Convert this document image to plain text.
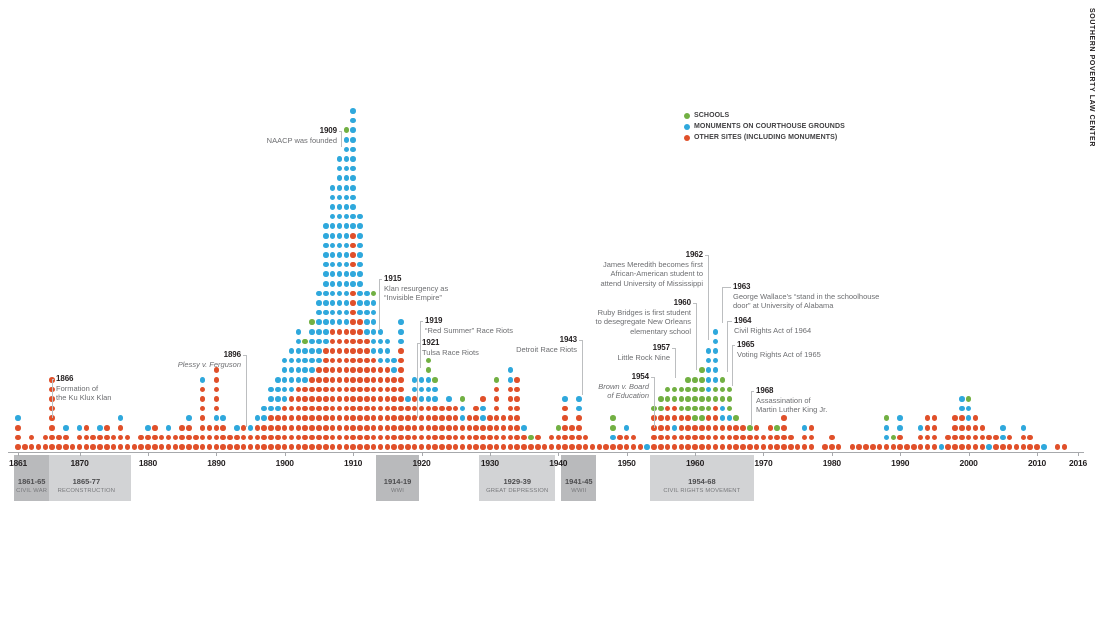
SCHOOLS
MONUMENTS ON COURTHOUSE GROUNDS
OTHER SITES (INCLUDING MONUMENTS)	SOUTHERN POVERTY LAW CENTER
1865-77
RECONSTRUCTION
1929-39
GREAT DEPRESSION
1954-68
CIVIL RIGHTS MOVEMENT
1861-65
CIVIL WAR
1914-19
WWI
1941-45
WWII
1861	1870	1880	1890	1900	1910	1920	1930	1940	1950	1960	1970	1980	1990	2000	2010	2016
1866
Formation of
the Ku Klux Klan
1896
Plessy v. Ferguson
1909
NAACP was founded
1915
Klan resurgency as
“Invisible Empire”
1919
“Red Summer” Race Riots
1921
Tulsa Race Riots
1943
Detroit Race Riots
1954
Brown v. Board
of Education
1957
Little Rock Nine
1960
Ruby Bridges is first student
to desegregate New Orleans
elementary school
1962
James Meredith becomes first
African-American student to
attend University of Mississippi	1963
George Wallace’s “stand in the schoolhouse
door” at University of Alabama
1964
Civil Rights Act of 1964
1965
Voting Rights Act of 1965
1968
Assassination of
Martin Luther King Jr.
